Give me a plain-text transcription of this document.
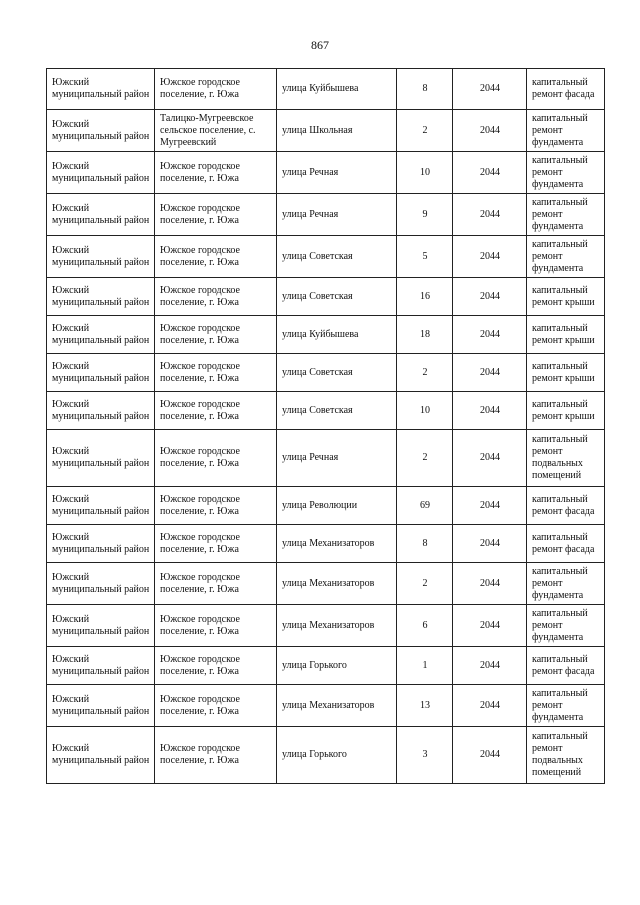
867
Южский муниципальный район	Южское городское поселение, г. Южа	улица Куйбышева	8	2044	капитальный ремонт фасада
Южский муниципальный район	Талицко-Мугреевское сельское поселение, с. Мугреевский	улица Школьная	2	2044	капитальный ремонт фундамента
Южский муниципальный район	Южское городское поселение, г. Южа	улица Речная	10	2044	капитальный ремонт фундамента
Южский муниципальный район	Южское городское поселение, г. Южа	улица Речная	9	2044	капитальный ремонт фундамента
Южский муниципальный район	Южское городское поселение, г. Южа	улица Советская	5	2044	капитальный ремонт фундамента
Южский муниципальный район	Южское городское поселение, г. Южа	улица Советская	16	2044	капитальный ремонт крыши
Южский муниципальный район	Южское городское поселение, г. Южа	улица Куйбышева	18	2044	капитальный ремонт крыши
Южский муниципальный район	Южское городское поселение, г. Южа	улица Советская	2	2044	капитальный ремонт крыши
Южский муниципальный район	Южское городское поселение, г. Южа	улица Советская	10	2044	капитальный ремонт крыши
Южский муниципальный район	Южское городское поселение, г. Южа	улица Речная	2	2044	капитальный ремонт подвальных помещений
Южский муниципальный район	Южское городское поселение, г. Южа	улица Революции	69	2044	капитальный ремонт фасада
Южский муниципальный район	Южское городское поселение, г. Южа	улица Механизаторов	8	2044	капитальный ремонт фасада
Южский муниципальный район	Южское городское поселение, г. Южа	улица Механизаторов	2	2044	капитальный ремонт фундамента
Южский муниципальный район	Южское городское поселение, г. Южа	улица Механизаторов	6	2044	капитальный ремонт фундамента
Южский муниципальный район	Южское городское поселение, г. Южа	улица Горького	1	2044	капитальный ремонт фасада
Южский муниципальный район	Южское городское поселение, г. Южа	улица Механизаторов	13	2044	капитальный ремонт фундамента
Южский муниципальный район	Южское городское поселение, г. Южа	улица Горького	3	2044	капитальный ремонт подвальных помещений
